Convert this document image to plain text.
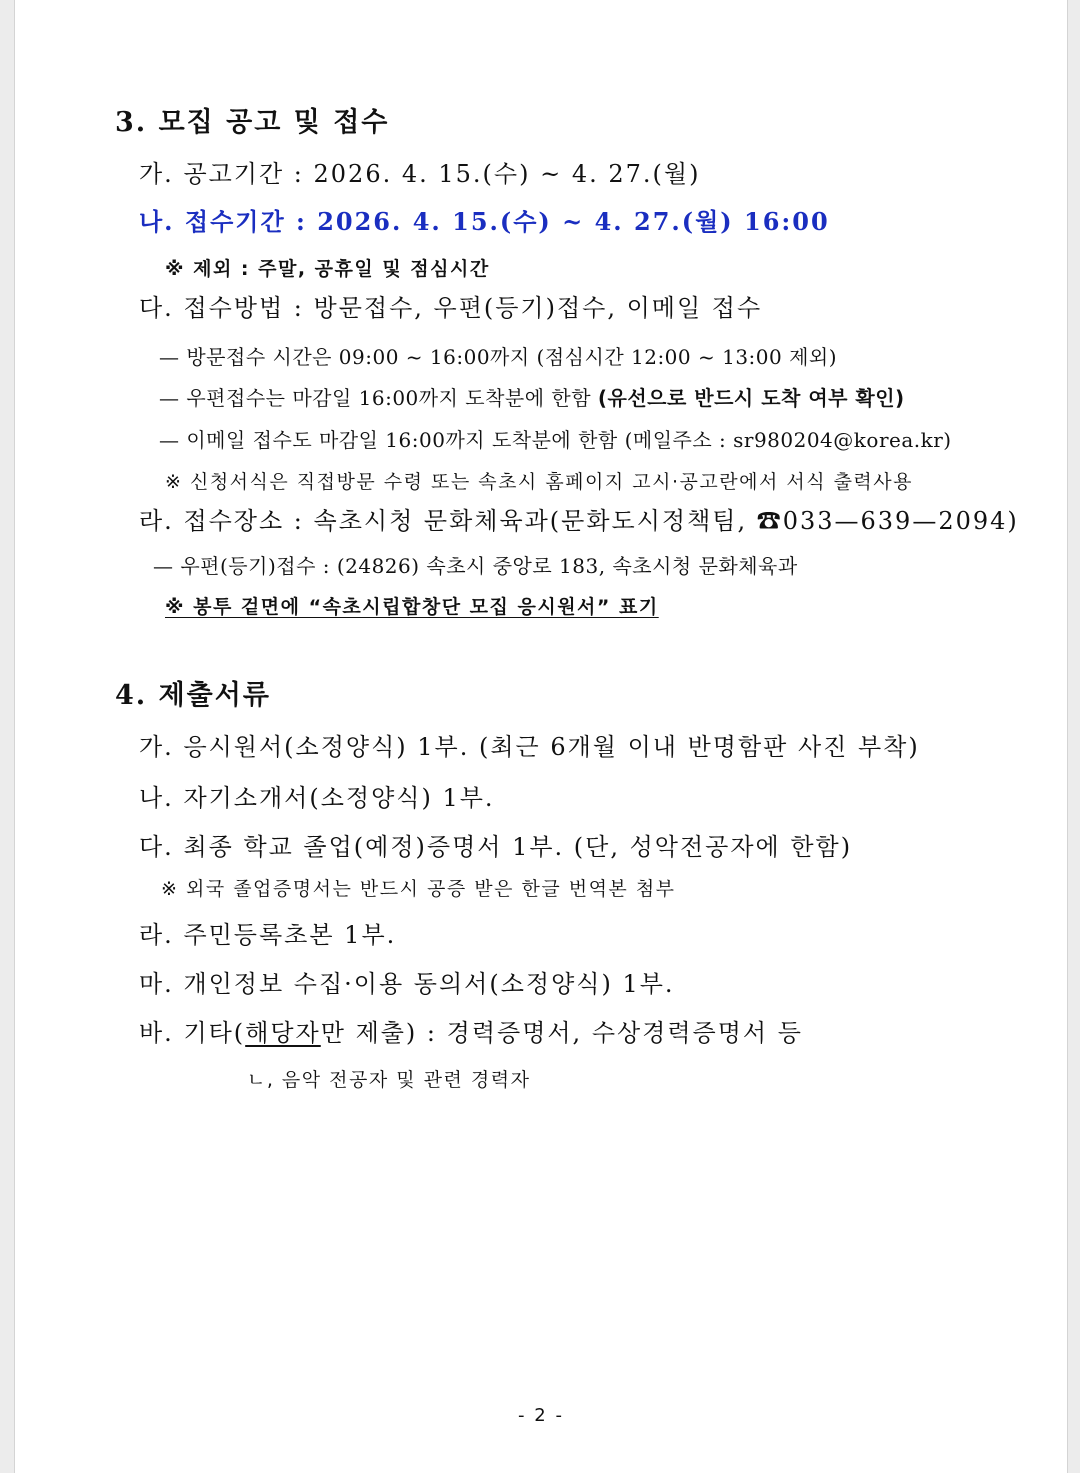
3. 모집 공고 및 접수
가. 공고기간 : 2026. 4. 15.(수) ~ 4. 27.(월)
나. 접수기간 : 2026. 4. 15.(수) ~ 4. 27.(월) 16:00
※ 제외 : 주말, 공휴일 및 점심시간
다. 접수방법 : 방문접수, 우편(등기)접수, 이메일 접수
— 방문접수 시간은 09:00 ~ 16:00까지 (점심시간 12:00 ~ 13:00 제외)
— 우편접수는 마감일 16:00까지 도착분에 한함 (유선으로 반드시 도착 여부 확인)
— 이메일 접수도 마감일 16:00까지 도착분에 한함 (메일주소 : sr980204@korea.kr)
※ 신청서식은 직접방문 수령 또는 속초시 홈페이지 고시·공고란에서 서식 출력사용
라. 접수장소 : 속초시청 문화체육과(문화도시정책팀, ☎033—639—2094)
— 우편(등기)접수 : (24826) 속초시 중앙로 183, 속초시청 문화체육과
※ 봉투 겉면에 “속초시립합창단 모집 응시원서” 표기
4. 제출서류
가. 응시원서(소정양식) 1부. (최근 6개월 이내 반명함판 사진 부착)
나. 자기소개서(소정양식) 1부.
다. 최종 학교 졸업(예정)증명서 1부. (단, 성악전공자에 한함)
※ 외국 졸업증명서는 반드시 공증 받은 한글 번역본 첨부
라. 주민등록초본 1부.
마. 개인정보 수집·이용 동의서(소정양식) 1부.
바. 기타(해당자만 제출) : 경력증명서, 수상경력증명서 등
ㄴ, 음악 전공자 및 관련 경력자
- 2 -
